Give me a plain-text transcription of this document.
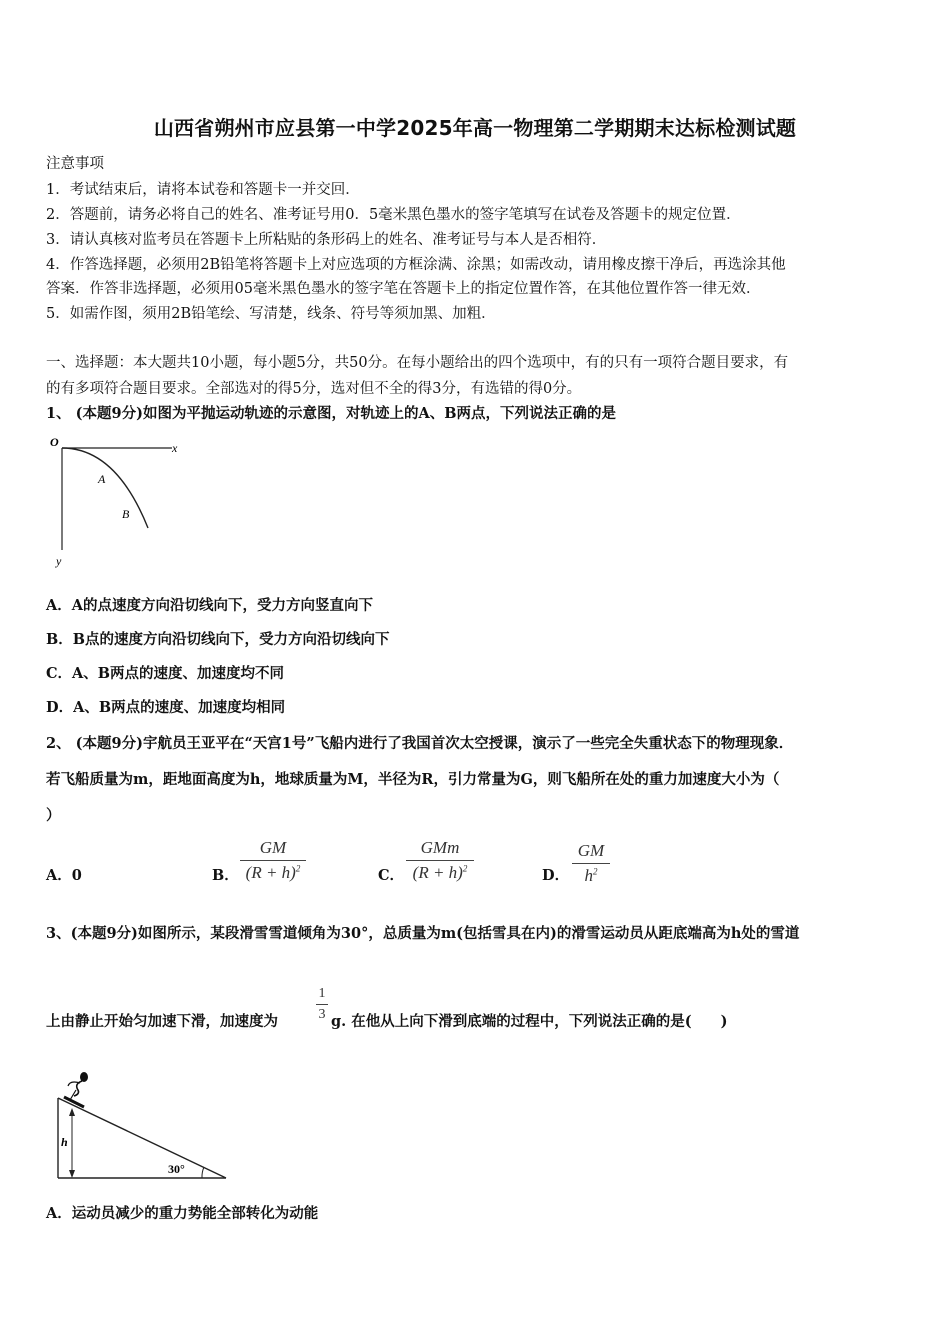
山西省朔州市应县第一中学2025年高一物理第二学期期末达标检测试题
注意事项
1．考试结束后，请将本试卷和答题卡一并交回．
2．答题前，请务必将自己的姓名、准考证号用0．5毫米黑色墨水的签字笔填写在试卷及答题卡的规定位置．
3．请认真核对监考员在答题卡上所粘贴的条形码上的姓名、准考证号与本人是否相符．
4．作答选择题，必须用2B铅笔将答题卡上对应选项的方框涂满、涂黑；如需改动，请用橡皮擦干净后，再选涂其他
答案．作答非选择题，必须用05毫米黑色墨水的签字笔在答题卡上的指定位置作答，在其他位置作答一律无效．
5．如需作图，须用2B铅笔绘、写清楚，线条、符号等须加黑、加粗．
一、选择题：本大题共10小题，每小题5分，共50分。在每小题给出的四个选项中，有的只有一项符合题目要求，有
的有多项符合题目要求。全部选对的得5分，选对但不全的得3分，有选错的得0分。
1、 (本题9分)如图为平抛运动轨迹的示意图，对轨迹上的A、B两点，下列说法正确的是
O	x
y
A
B
A．A的点速度方向沿切线向下，受力方向竖直向下
B．B点的速度方向沿切线向下，受力方向沿切线向下
C．A、B两点的速度、加速度均不同
D．A、B两点的速度、加速度均相同
2、 (本题9分)宇航员王亚平在“天宫1号”飞船内进行了我国首次太空授课，演示了一些完全失重状态下的物理现象．
若飞船质量为m，距地面高度为h，地球质量为M，半径为R，引力常量为G，则飞船所在处的重力加速度大小为（
）
A．0	B．
GM
$(R + h)^2$	C．
GMm
$(R + h)^2$	D．
GM
$h^2$
3、(本题9分)如图所示，某段滑雪雪道倾角为30°，总质量为m(包括雪具在内)的滑雪运动员从距底端高为h处的雪道
上由静止开始匀加速下滑，加速度为
1
3 g. 在他从上向下滑到底端的过程中，下列说法正确的是(　　)
h
30°
A．运动员减少的重力势能全部转化为动能
